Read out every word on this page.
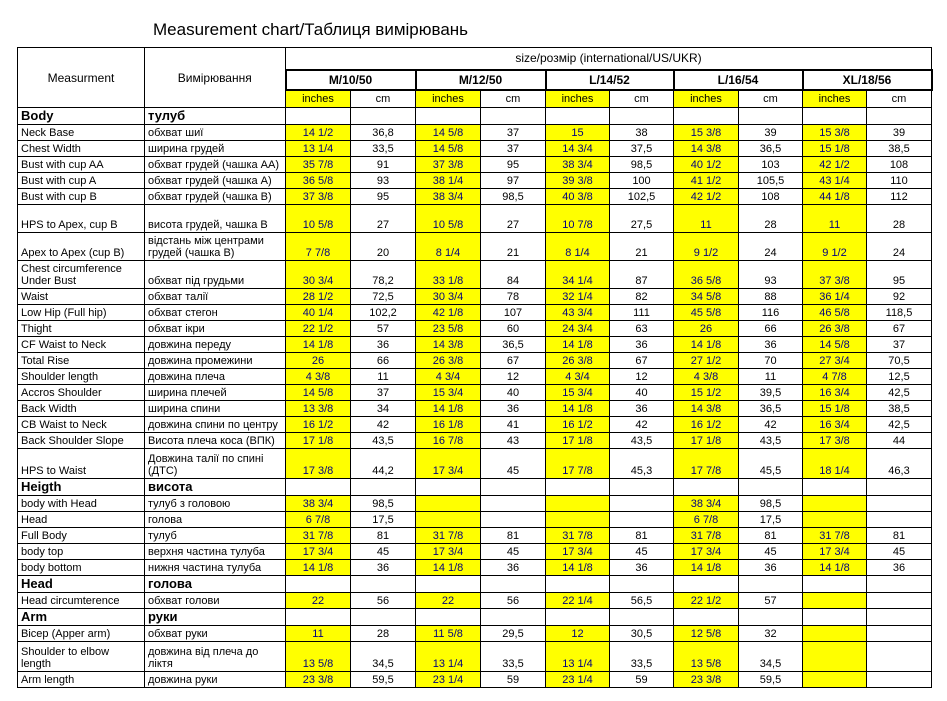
Measurement chart/Таблиця вимірювань
Measurment	Вимірювання	size/розмір (international/US/UKR)									
		M/10/50		M/12/50		L/14/52		L/16/54		XL/18/56	
		inches	cm	inches	cm	inches	cm	inches	cm	inches	cm
Body	тулуб										
Neck Base	обхват шиї	14 1/2	36,8	14 5/8	37	15	38	15 3/8	39	15 3/8	39
Chest Width	ширина грудей	13 1/4	33,5	14 5/8	37	14 3/4	37,5	14 3/8	36,5	15 1/8	38,5
Bust with cup AA	обхват грудей (чашка АА)	35 7/8	91	37 3/8	95	38 3/4	98,5	40 1/2	103	42 1/2	108
Bust with cup A	обхват грудей (чашка А)	36 5/8	93	38 1/4	97	39 3/8	100	41 1/2	105,5	43 1/4	110
Bust with cup B	обхват грудей (чашка В)	37 3/8	95	38 3/4	98,5	40 3/8	102,5	42 1/2	108	44 1/8	112
HPS to Apex, cup B	висота грудей, чашка В	10 5/8	27	10 5/8	27	10 7/8	27,5	11	28	11	28
Apex to Apex (cup B)	відстань між центрами грудей (чашка В)	7 7/8	20	8 1/4	21	8 1/4	21	9 1/2	24	9 1/2	24
Chest circumference Under Bust	обхват під грудьми	30 3/4	78,2	33 1/8	84	34 1/4	87	36 5/8	93	37 3/8	95
Waist	обхват талії	28 1/2	72,5	30 3/4	78	32 1/4	82	34 5/8	88	36 1/4	92
Low Hip (Full hip)	обхват стегон	40 1/4	102,2	42 1/8	107	43 3/4	111	45 5/8	116	46 5/8	118,5
Thight	обхват ікри	22 1/2	57	23 5/8	60	24 3/4	63	26	66	26 3/8	67
CF Waist to Neck	довжина переду	14 1/8	36	14 3/8	36,5	14 1/8	36	14 1/8	36	14 5/8	37
Total Rise	довжина промежини	26	66	26 3/8	67	26 3/8	67	27 1/2	70	27 3/4	70,5
Shoulder length	довжина плеча	4 3/8	11	4 3/4	12	4 3/4	12	4 3/8	11	4 7/8	12,5
Accros Shoulder	ширина плечей	14 5/8	37	15 3/4	40	15 3/4	40	15 1/2	39,5	16 3/4	42,5
Back Width	ширина спини	13 3/8	34	14 1/8	36	14 1/8	36	14 3/8	36,5	15 1/8	38,5
CB Waist to Neck	довжина спини по центру	16 1/2	42	16 1/8	41	16 1/2	42	16 1/2	42	16 3/4	42,5
Back Shoulder Slope	Висота плеча коса (ВПК)	17 1/8	43,5	16 7/8	43	17 1/8	43,5	17 1/8	43,5	17 3/8	44
HPS to Waist	Довжина талії по спині (ДТС)	17 3/8	44,2	17 3/4	45	17 7/8	45,3	17 7/8	45,5	18 1/4	46,3
Heigth	висота										
body with Head	тулуб з головою	38 3/4	98,5					38 3/4	98,5		
Head	голова	6 7/8	17,5					6 7/8	17,5		
Full Body	тулуб	31 7/8	81	31 7/8	81	31 7/8	81	31 7/8	81	31 7/8	81
body top	верхня частина тулуба	17 3/4	45	17 3/4	45	17 3/4	45	17 3/4	45	17 3/4	45
body bottom	нижня частина тулуба	14 1/8	36	14 1/8	36	14 1/8	36	14 1/8	36	14 1/8	36
Head	голова										
Head circumterence	обхват голови	22	56	22	56	22 1/4	56,5	22 1/2	57		
Arm	руки										
Bicep (Apper arm)	обхват руки	11	28	11 5/8	29,5	12	30,5	12 5/8	32		
Shoulder to elbow length	довжина від плеча до ліктя	13 5/8	34,5	13 1/4	33,5	13 1/4	33,5	13 5/8	34,5		
Arm length	довжина руки	23 3/8	59,5	23 1/4	59	23 1/4	59	23 3/8	59,5		
